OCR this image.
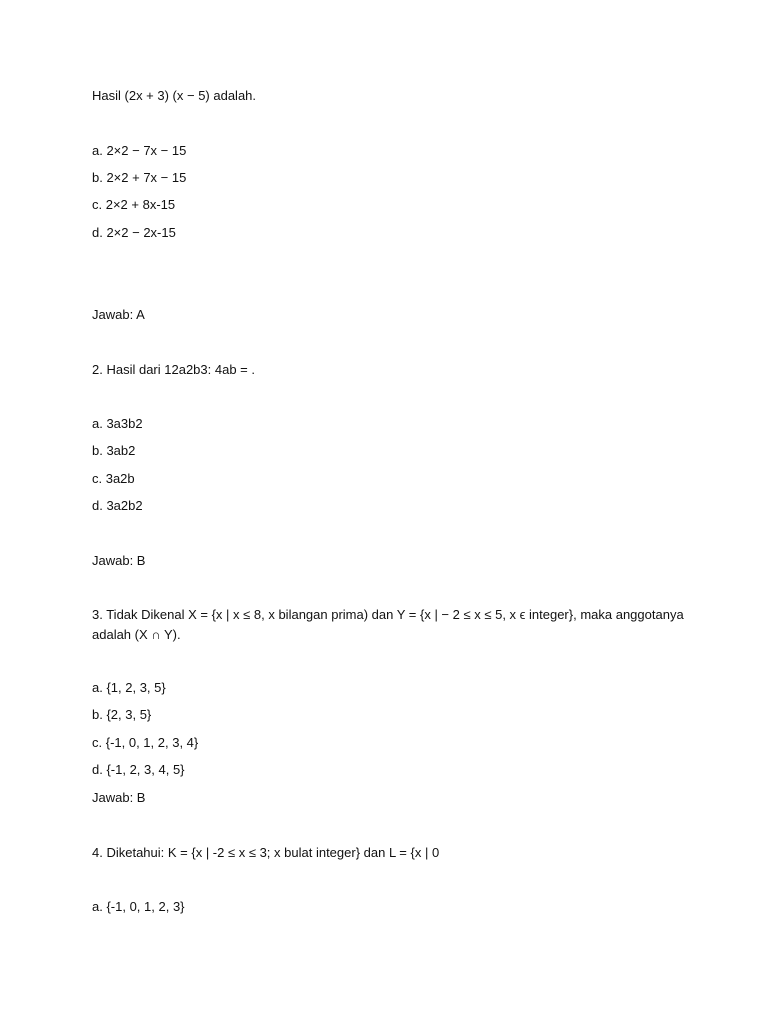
Hasil (2x + 3) (x − 5) adalah.
a. 2×2 − 7x − 15
b. 2×2 + 7x − 15
c. 2×2 + 8x-15
d. 2×2 − 2x-15
Jawab: A
2. Hasil dari 12a2b3: 4ab = .
a. 3a3b2
b. 3ab2
c. 3a2b
d. 3a2b2
Jawab: B
3. Tidak Dikenal X = {x | x ≤ 8, x bilangan prima) dan Y = {x | − 2 ≤ x ≤ 5, x ϵ integer}, maka anggotanya adalah (X ∩ Y).
a. {1, 2, 3, 5}
b. {2, 3, 5}
c. {-1, 0, 1, 2, 3, 4}
d. {-1, 2, 3, 4, 5}
Jawab: B
4. Diketahui: K = {x | -2 ≤ x ≤ 3; x bulat integer} dan L = {x | 0
a. {-1, 0, 1, 2, 3}
